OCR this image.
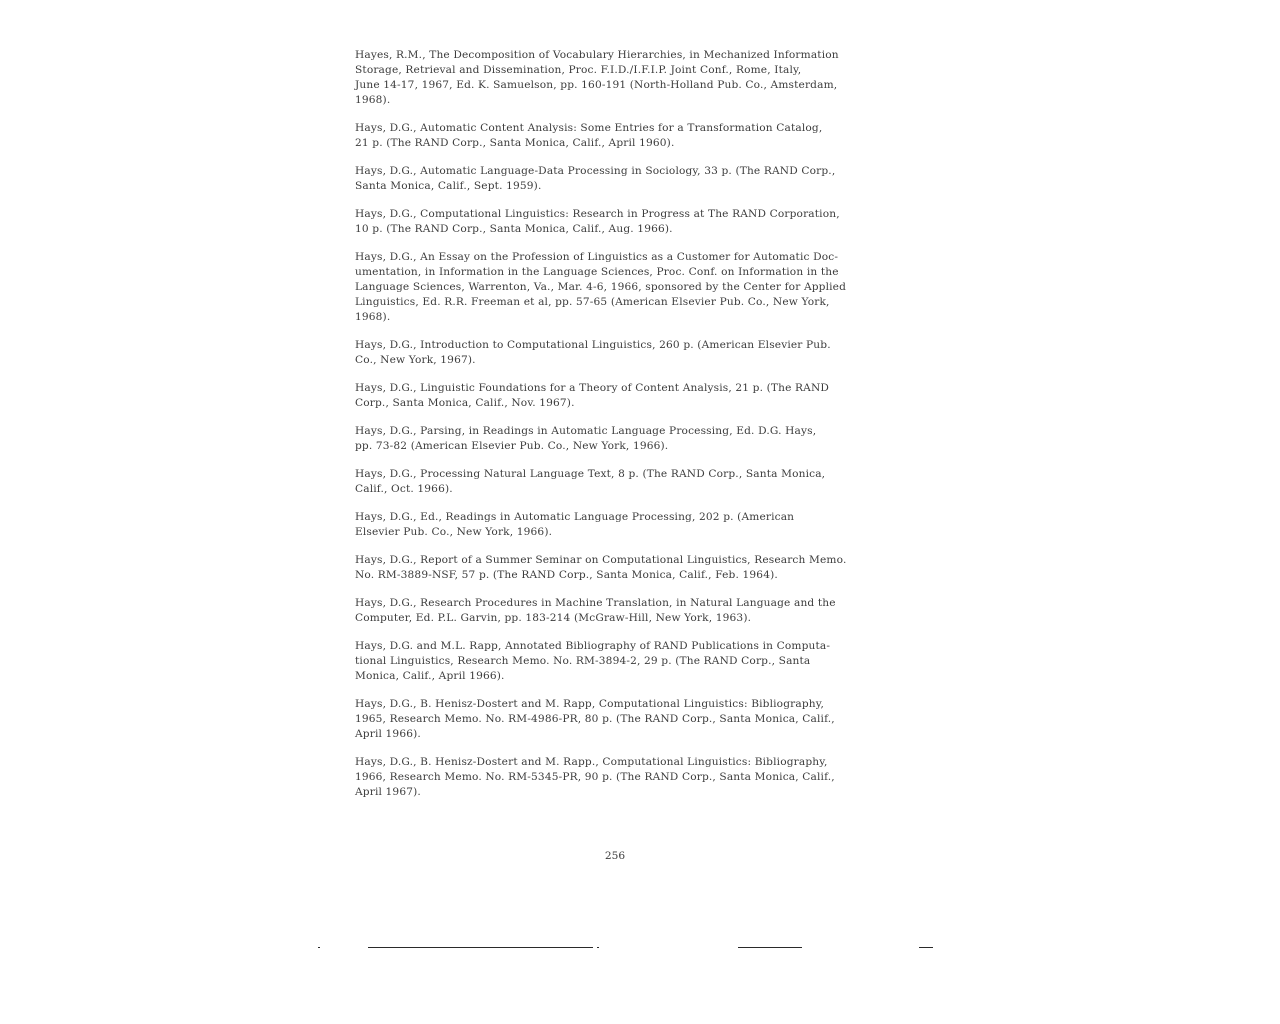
Hayes, R.M., The Decomposition of Vocabulary Hierarchies, in Mechanized Information
Storage, Retrieval and Dissemination, Proc. F.I.D./I.F.I.P. Joint Conf., Rome, Italy,
June 14-17, 1967, Ed. K. Samuelson, pp. 160-191 (North-Holland Pub. Co., Amsterdam,
1968).
Hays, D.G., Automatic Content Analysis: Some Entries for a Transformation Catalog,
21 p. (The RAND Corp., Santa Monica, Calif., April 1960).
Hays, D.G., Automatic Language-Data Processing in Sociology, 33 p. (The RAND Corp.,
Santa Monica, Calif., Sept. 1959).
Hays, D.G., Computational Linguistics: Research in Progress at The RAND Corporation,
10 p. (The RAND Corp., Santa Monica, Calif., Aug. 1966).
Hays, D.G., An Essay on the Profession of Linguistics as a Customer for Automatic Doc-
umentation, in Information in the Language Sciences, Proc. Conf. on Information in the
Language Sciences, Warrenton, Va., Mar. 4-6, 1966, sponsored by the Center for Applied
Linguistics, Ed. R.R. Freeman et al, pp. 57-65 (American Elsevier Pub. Co., New York,
1968).
Hays, D.G., Introduction to Computational Linguistics, 260 p. (American Elsevier Pub.
Co., New York, 1967).
Hays, D.G., Linguistic Foundations for a Theory of Content Analysis, 21 p. (The RAND
Corp., Santa Monica, Calif., Nov. 1967).
Hays, D.G., Parsing, in Readings in Automatic Language Processing, Ed. D.G. Hays,
pp. 73-82 (American Elsevier Pub. Co., New York, 1966).
Hays, D.G., Processing Natural Language Text, 8 p. (The RAND Corp., Santa Monica,
Calif., Oct. 1966).
Hays, D.G., Ed., Readings in Automatic Language Processing, 202 p. (American
Elsevier Pub. Co., New York, 1966).
Hays, D.G., Report of a Summer Seminar on Computational Linguistics, Research Memo.
No. RM-3889-NSF, 57 p. (The RAND Corp., Santa Monica, Calif., Feb. 1964).
Hays, D.G., Research Procedures in Machine Translation, in Natural Language and the
Computer, Ed. P.L. Garvin, pp. 183-214 (McGraw-Hill, New York, 1963).
Hays, D.G. and M.L. Rapp, Annotated Bibliography of RAND Publications in Computa-
tional Linguistics, Research Memo. No. RM-3894-2, 29 p. (The RAND Corp., Santa
Monica, Calif., April 1966).
Hays, D.G., B. Henisz-Dostert and M. Rapp, Computational Linguistics: Bibliography,
1965, Research Memo. No. RM-4986-PR, 80 p. (The RAND Corp., Santa Monica, Calif.,
April 1966).
Hays, D.G., B. Henisz-Dostert and M. Rapp., Computational Linguistics: Bibliography,
1966, Research Memo. No. RM-5345-PR, 90 p. (The RAND Corp., Santa Monica, Calif.,
April 1967).
256
